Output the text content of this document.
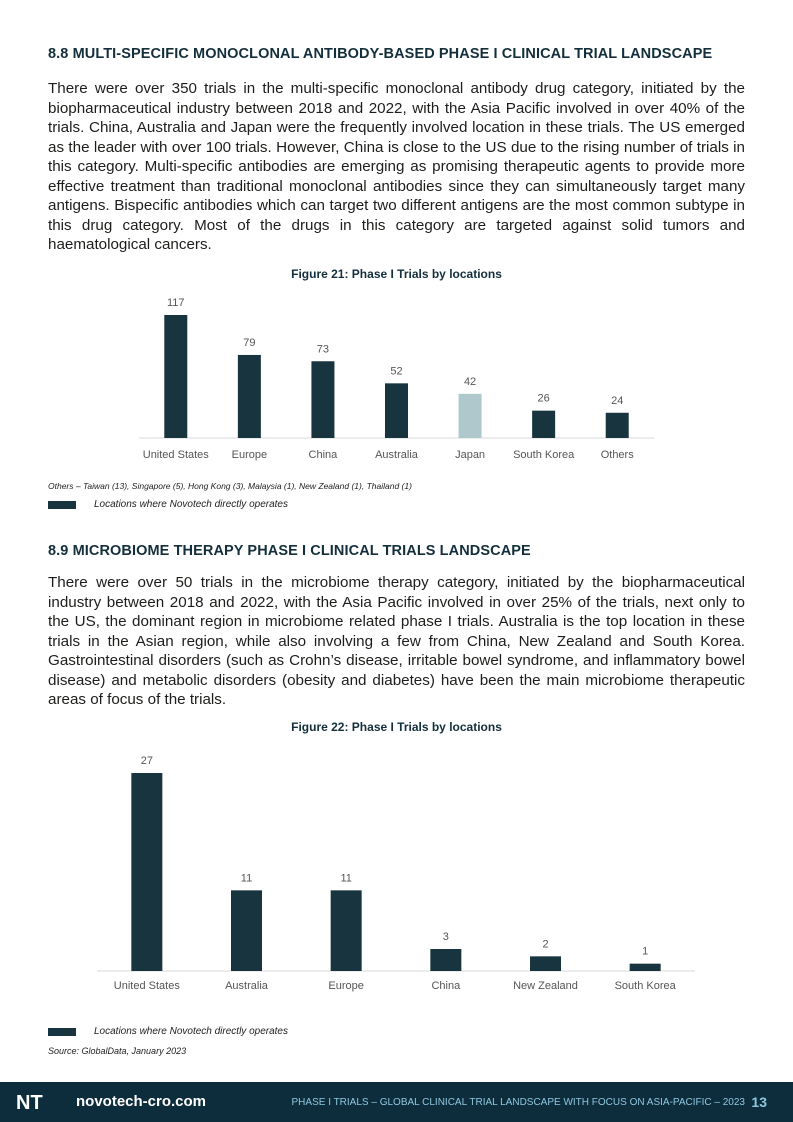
8.8 MULTI-SPECIFIC MONOCLONAL ANTIBODY-BASED PHASE I CLINICAL TRIAL LANDSCAPE
There were over 350 trials in the multi-specific monoclonal antibody drug category, initiated by the biopharmaceutical industry between 2018 and 2022, with the Asia Pacific involved in over 40% of the trials. China, Australia and Japan were the frequently involved location in these trials. The US emerged as the leader with over 100 trials. However, China is close to the US due to the rising number of trials in this category. Multi-specific antibodies are emerging as promising therapeutic agents to provide more effective treatment than traditional monoclonal antibodies since they can simultaneously target many antigens. Bispecific antibodies which can target two different antigens are the most common subtype in this drug category. Most of the drugs in this category are targeted against solid tumors and haematological cancers.
Figure 21: Phase I Trials by locations
117
United States
79
Europe
73
China
52
Australia
42
Japan
26
South Korea
24
Others
Others – Taiwan (13), Singapore (5), Hong Kong (3), Malaysia (1), New Zealand (1), Thailand (1)
Locations where Novotech directly operates
8.9 MICROBIOME THERAPY PHASE I CLINICAL TRIALS LANDSCAPE
There were over 50 trials in the microbiome therapy category, initiated by the biopharmaceutical industry between 2018 and 2022, with the Asia Pacific involved in over 25% of the trials, next only to the US, the dominant region in microbiome related phase I trials. Australia is the top location in these trials in the Asian region, while also involving a few from China, New Zealand and South Korea. Gastrointestinal disorders (such as Crohn’s disease, irritable bowel syndrome, and inflammatory bowel disease) and metabolic disorders (obesity and diabetes) have been the main microbiome therapeutic areas of focus of the trials.
Figure 22: Phase I Trials by locations
27
United States
11
Australia
11
Europe
3
China
2
New Zealand
1
South Korea
Locations where Novotech directly operates
Source: GlobalData, January 2023
NT novotech-cro.com	PHASE I TRIALS – GLOBAL CLINICAL TRIAL LANDSCAPE WITH FOCUS ON ASIA-PACIFIC – 2023 13
